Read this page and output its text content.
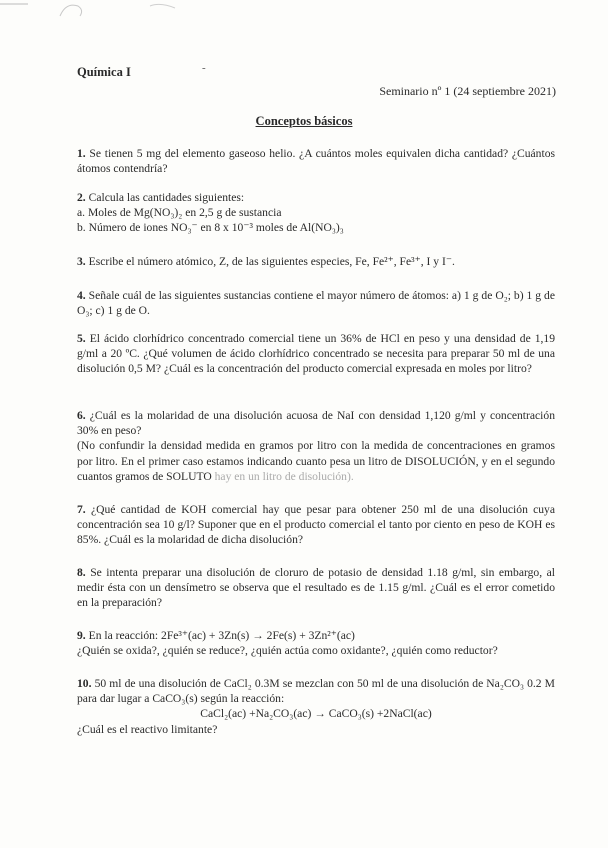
Química I	-
Seminario nº 1 (24 septiembre 2021)
Conceptos básicos
1. Se tienen 5 mg del elemento gaseoso helio. ¿A cuántos moles equivalen dicha cantidad? ¿Cuántos átomos contendría?
2. Calcula las cantidades siguientes:
a. Moles de Mg(NO₃)₂ en 2,5 g de sustancia
b. Número de iones NO₃⁻ en 8 x 10⁻³ moles de Al(NO₃)₃
3. Escribe el número atómico, Z, de las siguientes especies, Fe, Fe²⁺, Fe³⁺, I y I⁻.
4. Señale cuál de las siguientes sustancias contiene el mayor número de átomos: a) 1 g de O₂; b) 1 g de O₃; c) 1 g de O.
5. El ácido clorhídrico concentrado comercial tiene un 36% de HCl en peso y una densidad de 1,19 g/ml a 20 ºC. ¿Qué volumen de ácido clorhídrico concentrado se necesita para preparar 50 ml de una disolución 0,5 M? ¿Cuál es la concentración del producto comercial expresada en moles por litro?
6. ¿Cuál es la molaridad de una disolución acuosa de NaI con densidad 1,120 g/ml y concentración 30% en peso?
(No confundir la densidad medida en gramos por litro con la medida de concentraciones en gramos por litro. En el primer caso estamos indicando cuanto pesa un litro de DISOLUCIÓN, y en el segundo cuantos gramos de SOLUTO hay en un litro de disolución).
7. ¿Qué cantidad de KOH comercial hay que pesar para obtener 250 ml de una disolución cuya concentración sea 10 g/l? Suponer que en el producto comercial el tanto por ciento en peso de KOH es 85%. ¿Cuál es la molaridad de dicha disolución?
8. Se intenta preparar una disolución de cloruro de potasio de densidad 1.18 g/ml, sin embargo, al medir ésta con un densímetro se observa que el resultado es de 1.15 g/ml. ¿Cuál es el error cometido en la preparación?
9. En la reacción: 2Fe³⁺(ac) + 3Zn(s) → 2Fe(s) + 3Zn²⁺(ac)
¿Quién se oxida?, ¿quién se reduce?, ¿quién actúa como oxidante?, ¿quién como reductor?
10. 50 ml de una disolución de CaCl₂ 0.3M se mezclan con 50 ml de una disolución de Na₂CO₃ 0.2 M para dar lugar a CaCO₃(s) según la reacción:
CaCl₂(ac) +Na₂CO₃(ac) → CaCO₃(s) +2NaCl(ac)
¿Cuál es el reactivo limitante?
